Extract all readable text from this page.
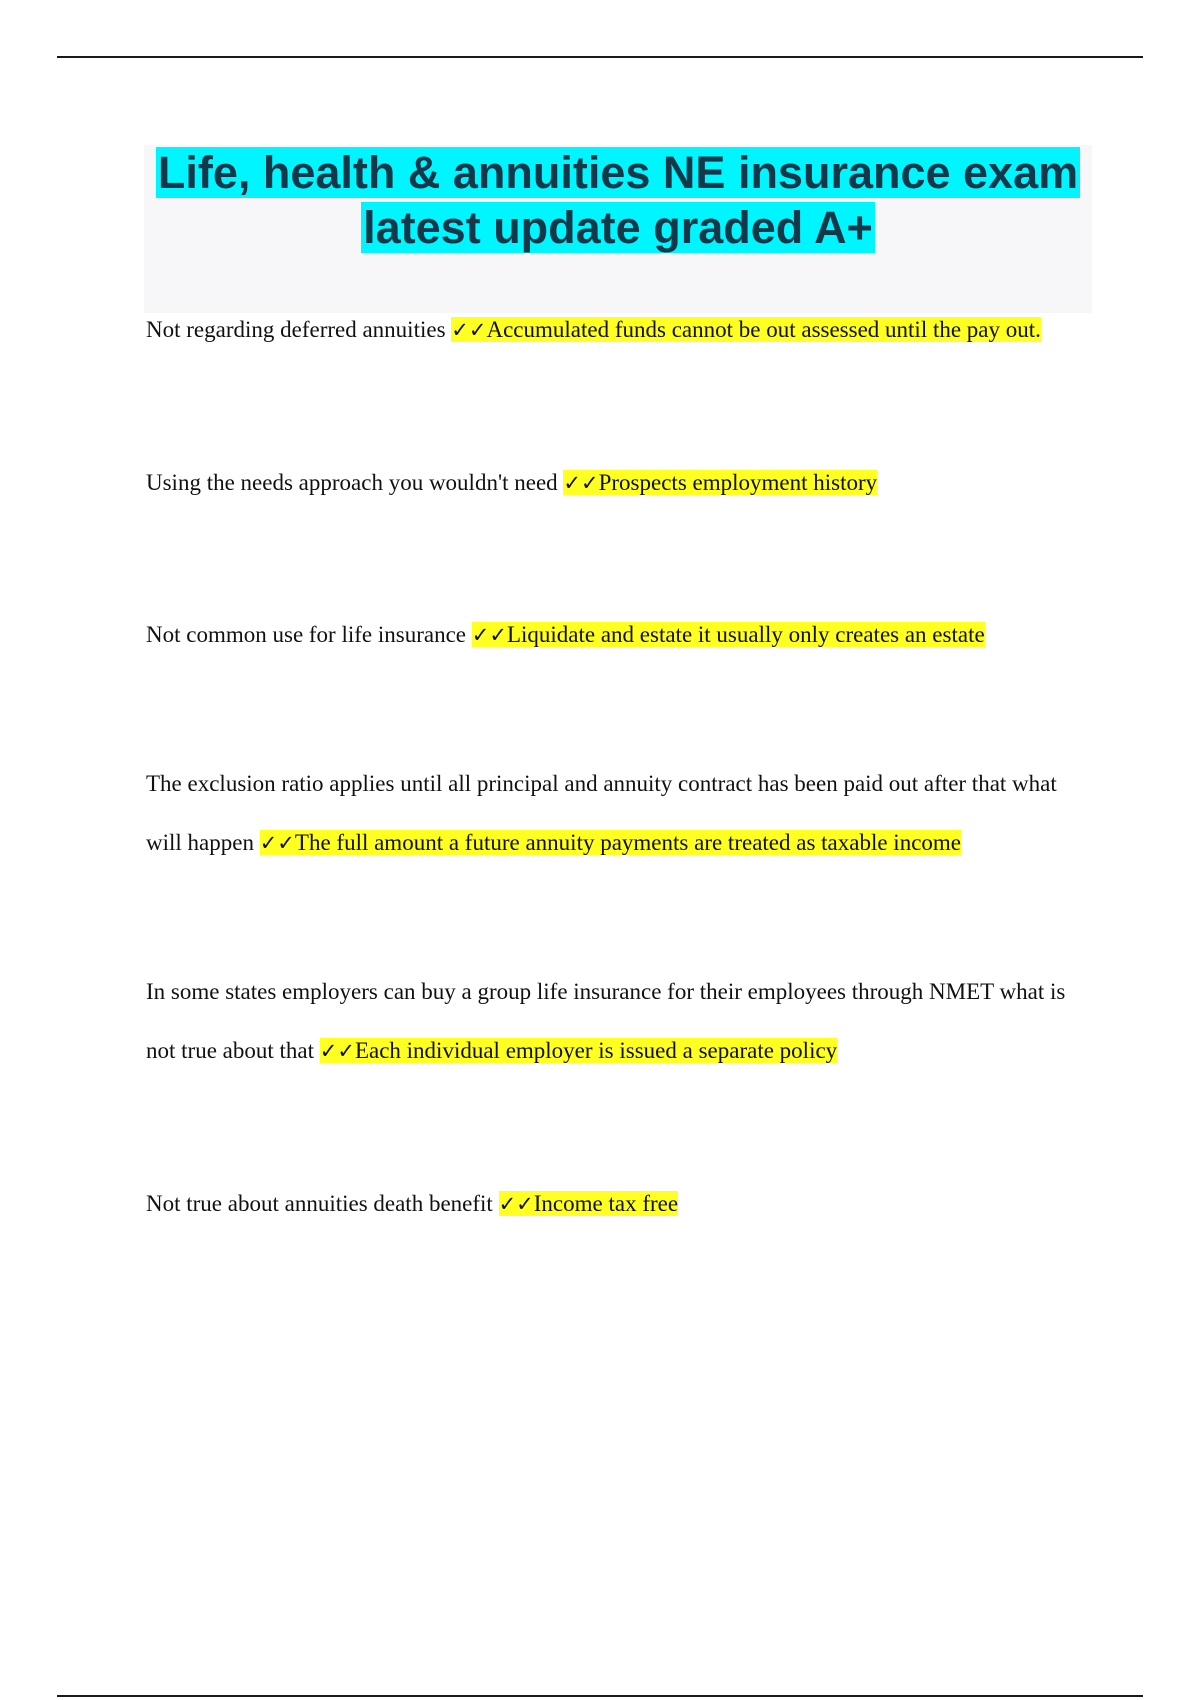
Life, health & annuities NE insurance exam latest update graded A+

Not regarding deferred annuities ✓✓Accumulated funds cannot be out assessed until the pay out.

Using the needs approach you wouldn't need ✓✓Prospects employment history

Not common use for life insurance ✓✓Liquidate and estate it usually only creates an estate

The exclusion ratio applies until all principal and annuity contract has been paid out after that what will happen ✓✓The full amount a future annuity payments are treated as taxable income

In some states employers can buy a group life insurance for their employees through NMET what is not true about that ✓✓Each individual employer is issued a separate policy

Not true about annuities death benefit ✓✓Income tax free
